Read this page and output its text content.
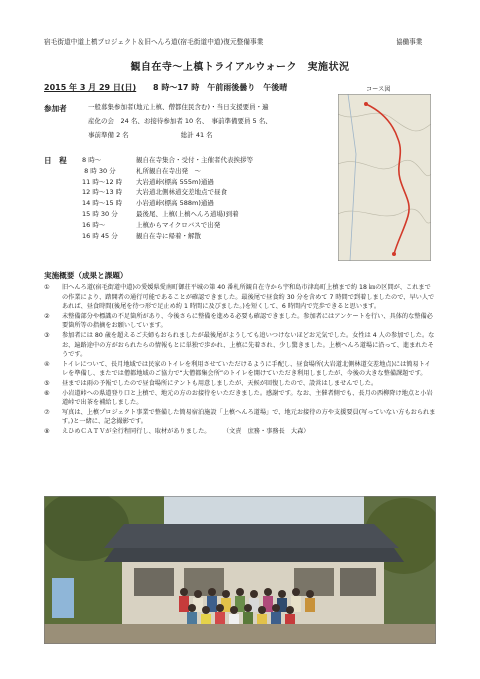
宿毛街道中道上槙プロジェクト＆旧へんろ道(宿毛街道中道)復元整備事業	協働事業
観自在寺〜上槙トライアルウォーク　実施状況
2015 年 3 月 29 日(日) 8 時〜17 時　午前雨後曇り　午後晴	コース図
参加者	一般募集参加者(地元上槙、僧都住民含む)・当日支援要員・遍
産化の会　24 名、お接待参加者 10 名、　事前準備要員 5 名、
事前準備 2 名　　　　　　　　総計 41 名
日　程 8 時〜	観自在寺集合・受付・主催者代表挨拶等
8 時 30 分	札所観自在寺出発　〜
11 時〜12 時	大岩道峠(標高 555m)通過
12 時〜13 時	大岩道北側林道交差地点で昼食
14 時〜15 時	小岩道峠(標高 588m)通過
15 時 30 分	最後尾、上槙(上槙へんろ道場)到着
16 時〜	上槙からマイクロバスで出発
16 時 45 分	観自在寺に帰着・解散
実施概要（成果と課題）
①	旧へんろ道(宿毛街道中道)の愛媛県愛南町御荘平城の第 40 番札所観自在寺から宇和島市津島町上槙まで約 18 ㎞の区間が、これまでの作業により、踏開者の通行可能であることが確認できました。最後尾で昼食約 30 分を含めて 7 時間で到着しましたので、早い人であれば、昼食時間(後尾を待つ形で足止め約 1 時間に及びました。)を短くして、6 時間内で完歩できると思います。
②	未整備部分や標識の不足箇所があり、今後さらに整備を進める必要も確認できました。参加者にはアンケートを行い、具体的な整備必要箇所等の指摘をお願いしています。
③	参加者には 80 歳を超えるご夫婦もおられましたが最後尾がようしても追いつけないほどお元気でした。女性は 4 人の参加でした。なお、遍路途中の方がおられたらの情報もとに単独で歩かれ、上槙に先着され、少し驚きました。上槙へんろ道場に沿って、進まれたそうです。
④	トイレについて、長月地域では民家のトイレを利用させていただけるように手配し、昼食場所(大岩道北側林道交差地点)には簡易トイレを準備し、またでは僧都地域のご協力で“大僧都集会所”のトイレを開けていただき利用しましたが、今後の大きな整備課題です。
⑤	昼までは雨の予報でしたので昼食場所にテントも用意しましたが、天候が回復したので、設営はしませんでした。
⑥	小岩道峠への県道登り口と上槙で、地元の方のお接待をいただきました。感謝です。なお、主催者側でも、長月の西柳降け地点と小岩道峠で出茶を補給しました。
⑦	写真は、上槙プロジェクト事業で整備した簡易宿泊施設「上槙へんろ道場」で、地元お接待の方や支援要員(写っていない方もおられます。)と一緒に、記念撮影です。
⑧	えひめＣＡＴＶが全行程同行し、取材がありました。　　　（文責　庶務・事務長　大森）
